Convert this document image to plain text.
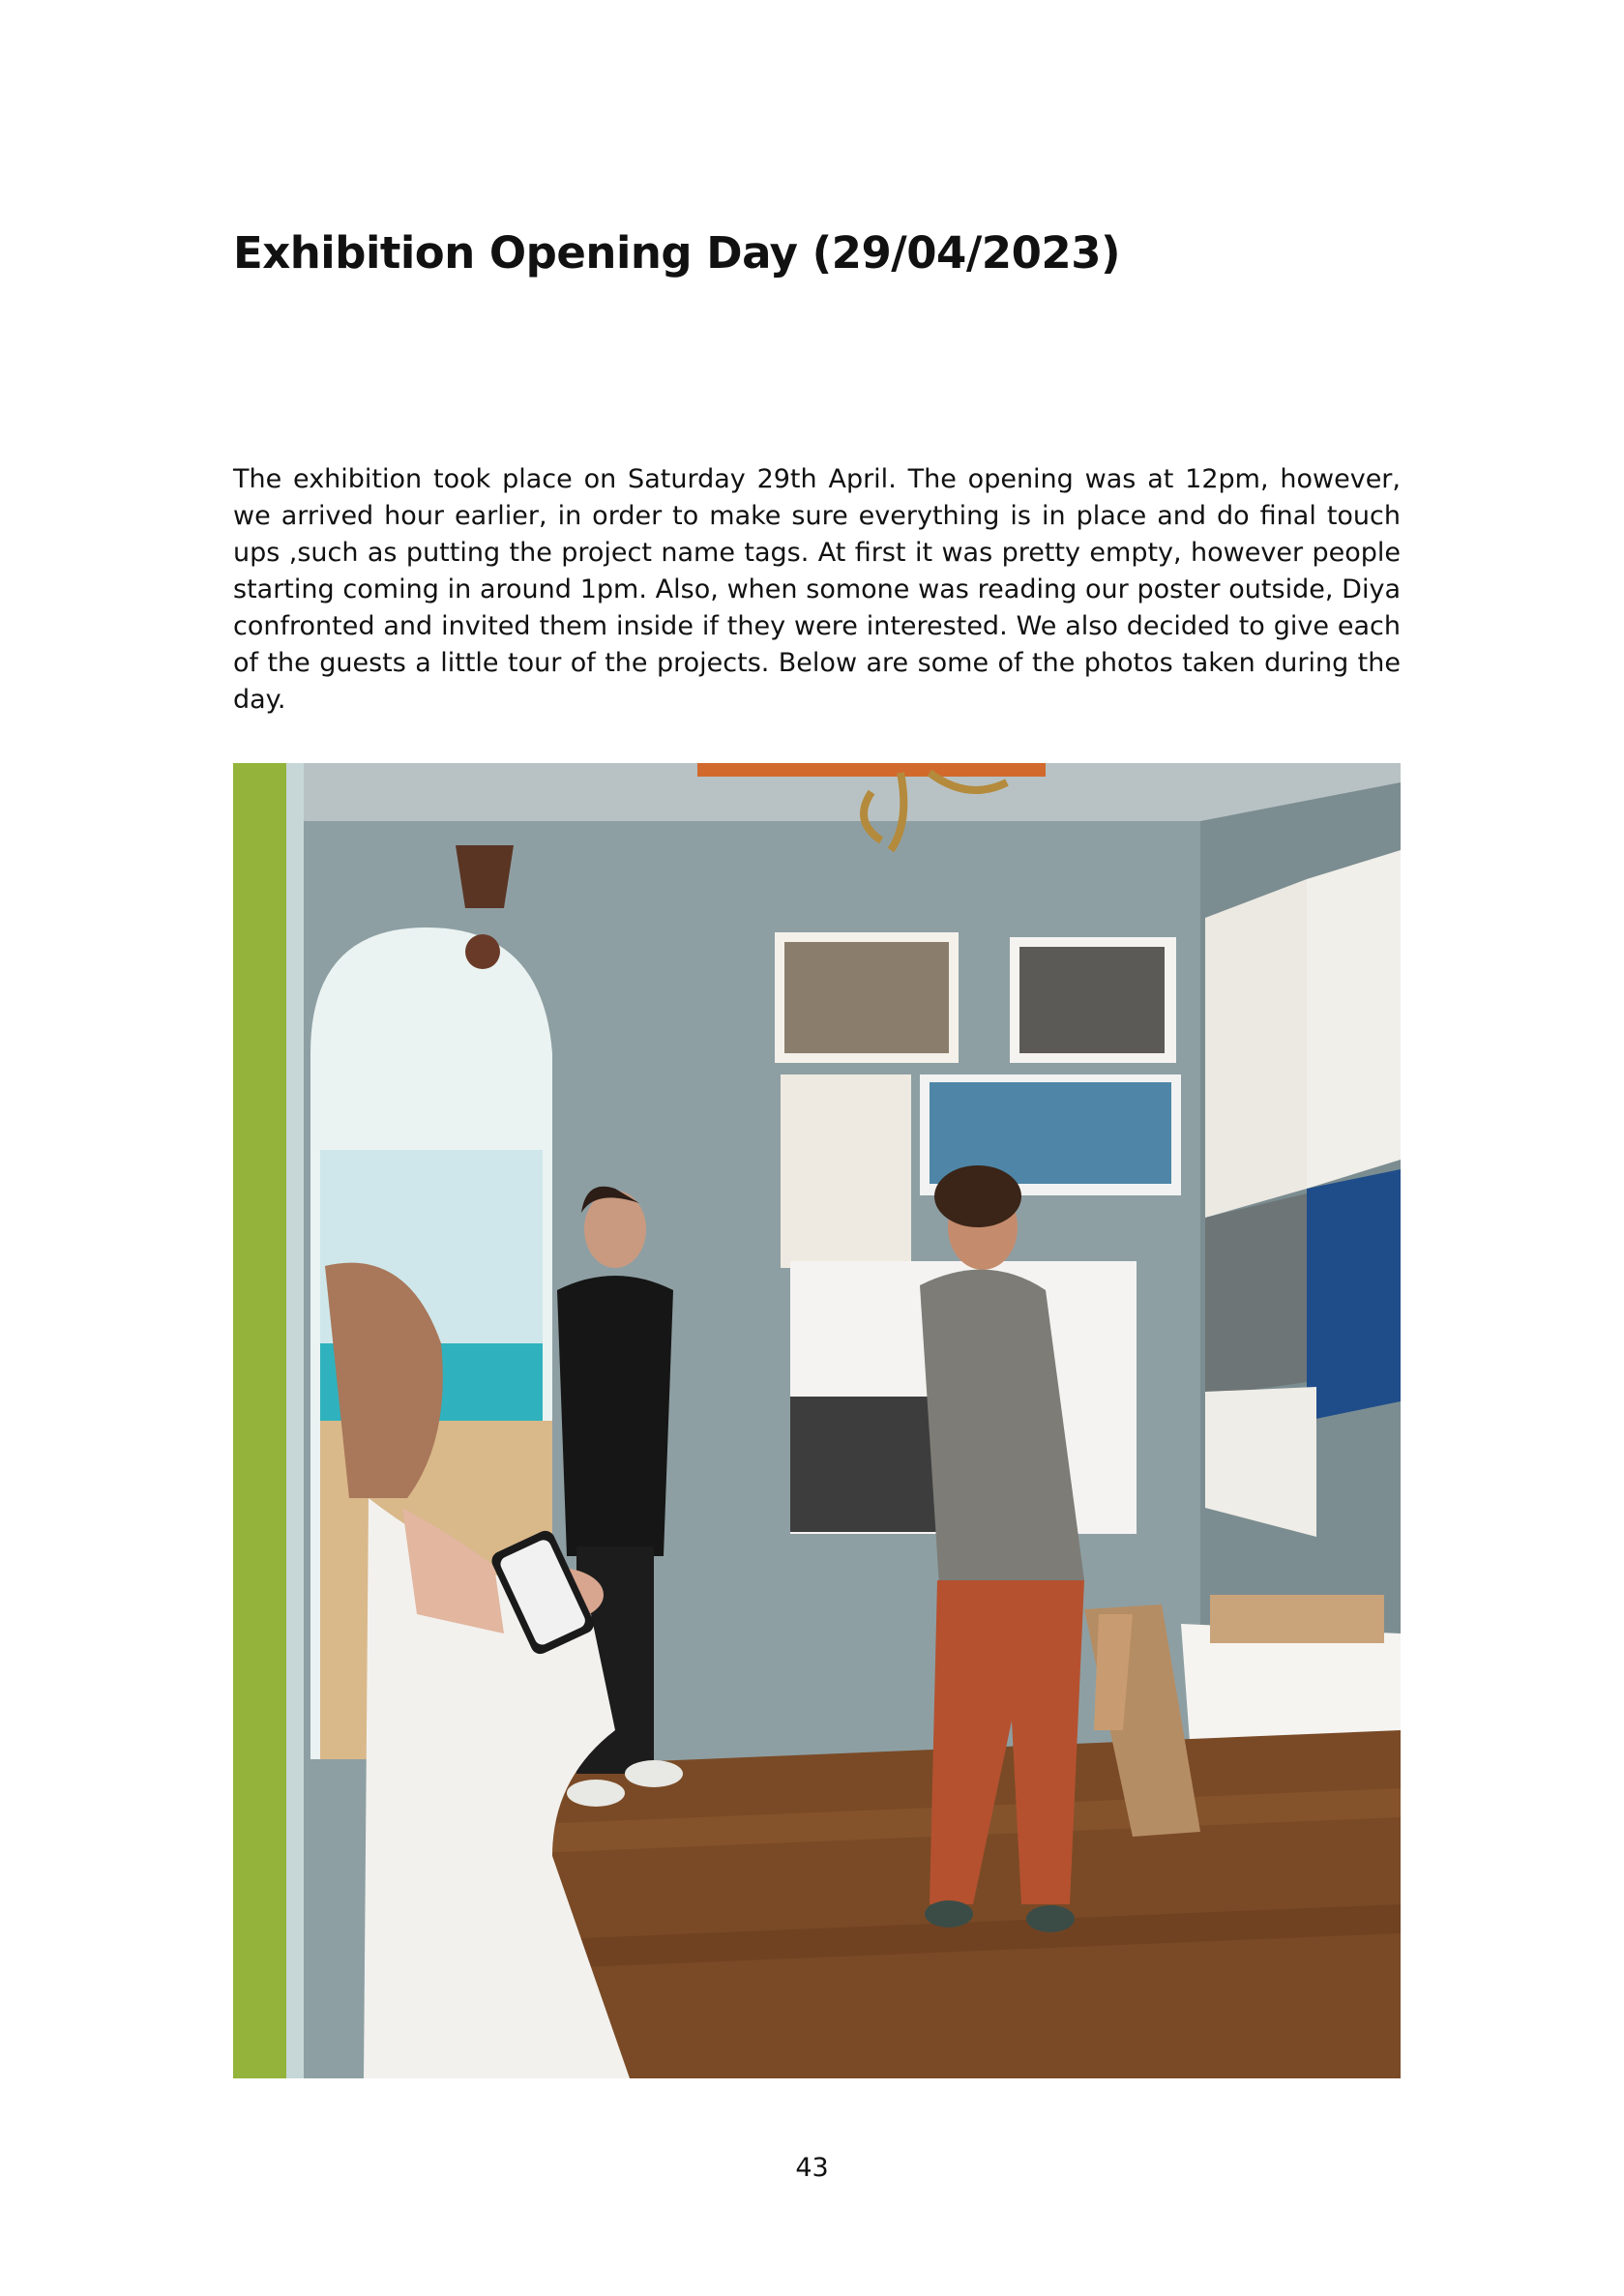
Exhibition Opening Day (29/04/2023)

The exhibition took place on Saturday 29th April. The opening was at 12pm, however, we arrived hour earlier, in order to make sure everything is in place and do final touch ups ,such as putting the project name tags. At first it was pretty empty, however people starting coming in around 1pm. Also, when somone was reading our poster outside, Diya confronted and invited them inside if they were interested. We also decided to give each of the guests a little tour of the projects. Below are some of the photos taken during the day.

43
